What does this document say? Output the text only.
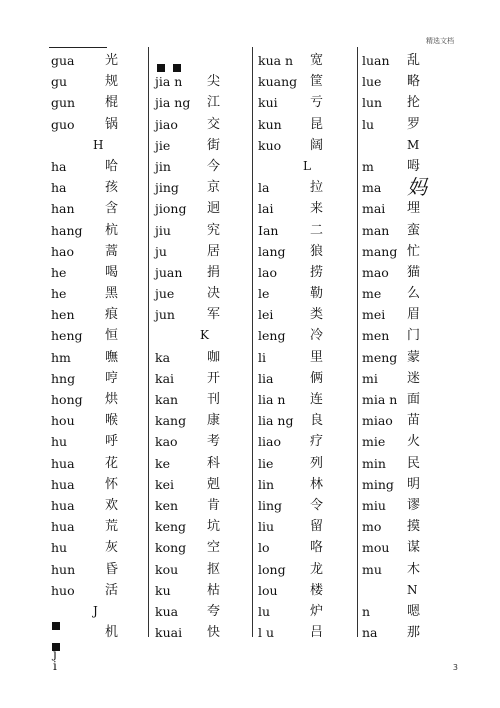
精选文档
gua 光
gu	规
gun 棍
guo 锅
H
ha	哈
ha	孩
han 含
hang 杭
hao 蒿
he	喝
he	黑
hen 痕
heng 恒
hm	嘸
hng 哼
hong 烘
hou 喉
hu	呼
hua 花
hua 怀
hua 欢
hua 荒
hu	灰
hun 昏
huo 活
J
机
jia n 尖
jia ng 江
jiao 交
jie	街
jin	今
jing 京
jiong 迥
jiu	究
ju	居
juan 捐
jue	决
jun 军
K
ka	咖
kai	开
kan 刊
kang 康
kao 考
ke	科
kei	剋
ken 肯
keng 坑
kong 空
kou 抠
ku	枯
kua 夸
kuai 快
kua n 宽
kuang 筐
kui 亏
kun 昆
kuo 阔
L
la	拉
lai	来
Ian 二
lang 狼
lao	捞
le	勒
lei	类
leng 冷
li	里
lia	俩
lia n 连
lia ng 良
liao 疗
lie	列
lin	林
ling 令
liu	留
lo	咯
long 龙
lou 楼
lu	炉
l u	吕
luan 乱
lue 略
lun 抡
lu	罗
M
m	呣
ma 妈
mai 埋
man 蛮
mang 忙
mao 猫
me 么
mei 眉
men 门
meng 蒙
mi 迷
mia n 面
miao 苗
mie 火
min 民
ming 明
miu 谬
mo 摸
mou 谋
mu 木
N
n	嗯
na 那
j
i	3
